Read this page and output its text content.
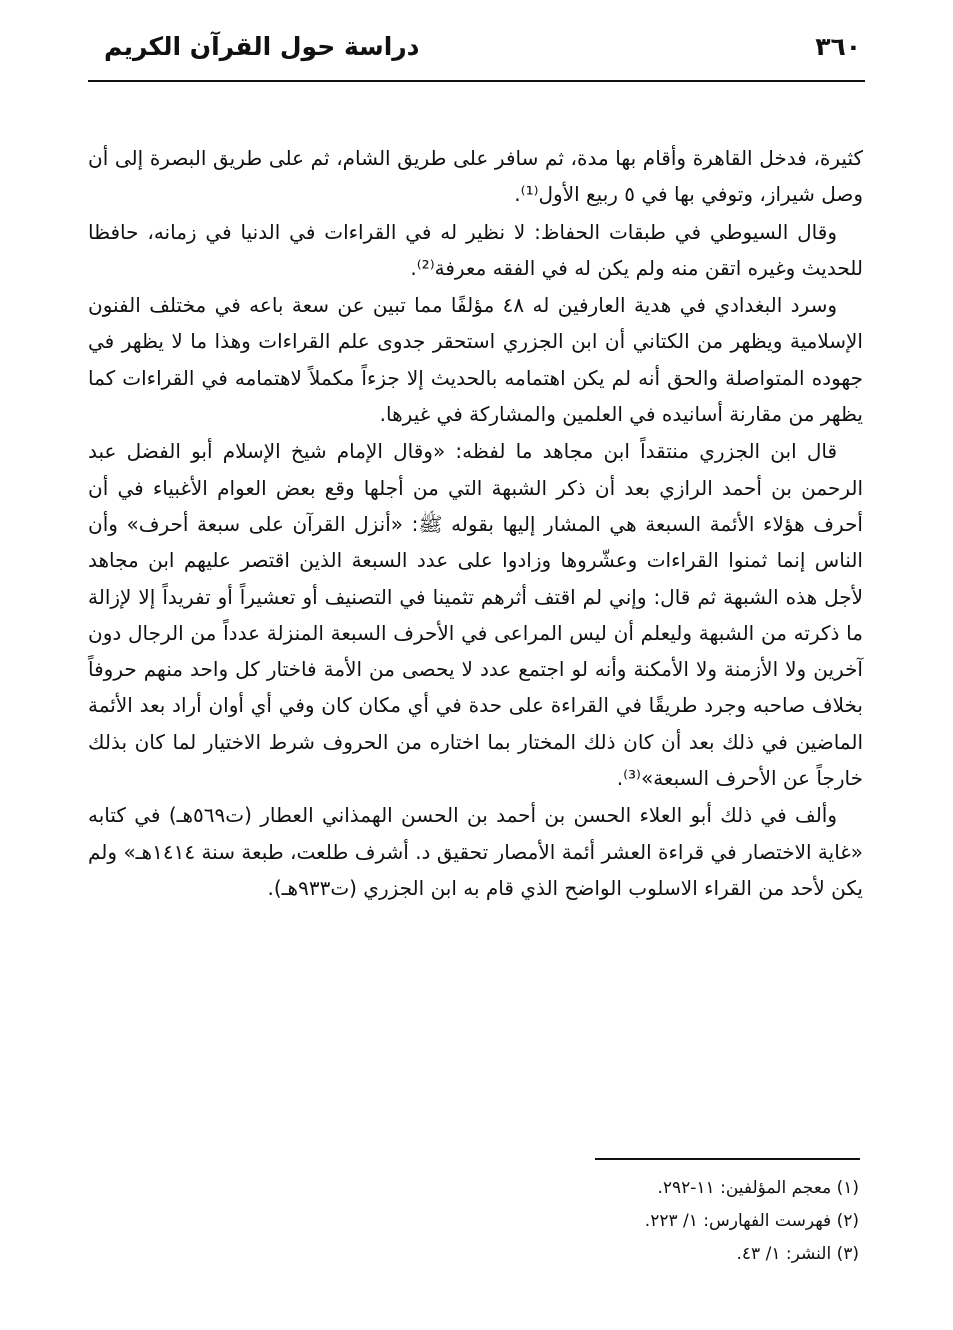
٣٦٠
دراسة حول القرآن الكريم

كثيرة، فدخل القاهرة وأقام بها مدة، ثم سافر على طريق الشام، ثم على طريق البصرة إلى أن وصل شيراز، وتوفي بها في ٥ ربيع الأول⁽¹⁾.

وقال السيوطي في طبقات الحفاظ: لا نظير له في القراءات في الدنيا في زمانه، حافظا للحديث وغيره اتقن منه ولم يكن له في الفقه معرفة⁽²⁾.

وسرد البغدادي في هدية العارفين له ٤٨ مؤلفًا مما تبين عن سعة باعه في مختلف الفنون الإسلامية ويظهر من الكتاني أن ابن الجزري استحقر جدوى علم القراءات وهذا ما لا يظهر في جهوده المتواصلة والحق أنه لم يكن اهتمامه بالحديث إلا جزءاً مكملاً لاهتمامه في القراءات كما يظهر من مقارنة أسانيده في العلمين والمشاركة في غيرها.

قال ابن الجزري منتقداً ابن مجاهد ما لفظه: «وقال الإمام شيخ الإسلام أبو الفضل عبد الرحمن بن أحمد الرازي بعد أن ذكر الشبهة التي من أجلها وقع بعض العوام الأغبياء في أن أحرف هؤلاء الأئمة السبعة هي المشار إليها بقوله ﷺ: «أنزل القرآن على سبعة أحرف» وأن الناس إنما ثمنوا القراءات وعشّروها وزادوا على عدد السبعة الذين اقتصر عليهم ابن مجاهد لأجل هذه الشبهة ثم قال: وإني لم اقتف أثرهم تثمينا في التصنيف أو تعشيراً أو تفريداً إلا لإزالة ما ذكرته من الشبهة وليعلم أن ليس المراعى في الأحرف السبعة المنزلة عدداً من الرجال دون آخرين ولا الأزمنة ولا الأمكنة وأنه لو اجتمع عدد لا يحصى من الأمة فاختار كل واحد منهم حروفاً بخلاف صاحبه وجرد طريقًا في القراءة على حدة في أي مكان كان وفي أي أوان أراد بعد الأئمة الماضين في ذلك بعد أن كان ذلك المختار بما اختاره من الحروف شرط الاختيار لما كان بذلك خارجاً عن الأحرف السبعة»⁽³⁾.

وألف في ذلك أبو العلاء الحسن بن أحمد بن الحسن الهمذاني العطار (ت٥٦٩هـ) في كتابه «غاية الاختصار في قراءة العشر أئمة الأمصار تحقيق د. أشرف طلعت، طبعة سنة ١٤١٤هـ» ولم يكن لأحد من القراء الاسلوب الواضح الذي قام به ابن الجزري (ت٩٣٣هـ).

(١) معجم المؤلفين: ١١-٢٩٢.
(٢) فهرست الفهارس: ١/ ٢٢٣.
(٣) النشر: ١/ ٤٣.
